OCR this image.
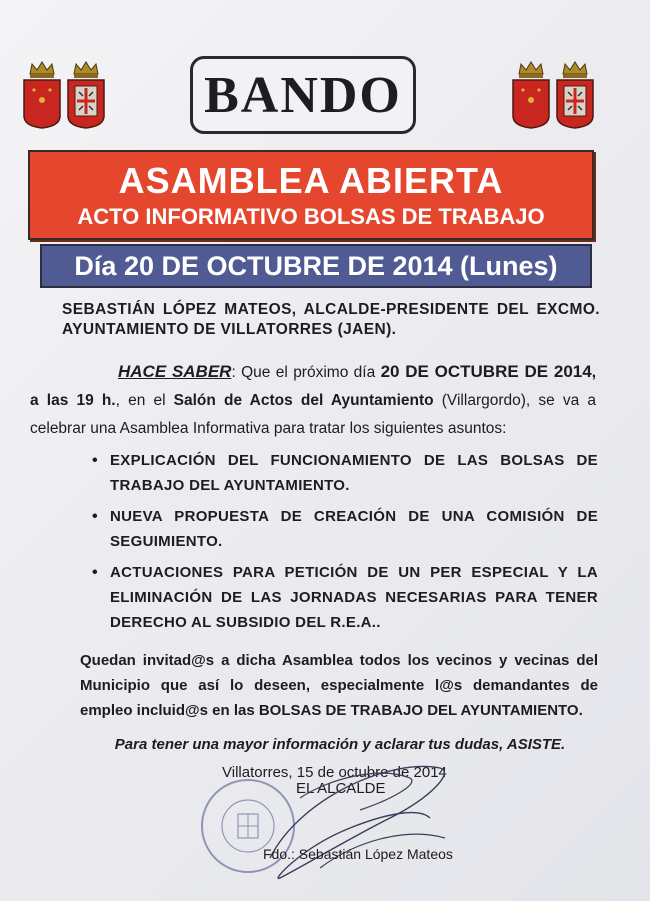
BANDO
ASAMBLEA ABIERTA
ACTO INFORMATIVO BOLSAS DE TRABAJO
Día 20 DE OCTUBRE DE 2014 (Lunes)
SEBASTIÁN LÓPEZ MATEOS, ALCALDE-PRESIDENTE DEL EXCMO. AYUNTAMIENTO DE VILLATORRES (JAEN).
HACE SABER: Que el próximo día 20 DE OCTUBRE DE 2014, a las 19 h., en el Salón de Actos del Ayuntamiento (Villargordo), se va a celebrar una Asamblea Informativa para tratar los siguientes asuntos:
• EXPLICACIÓN DEL FUNCIONAMIENTO DE LAS BOLSAS DE TRABAJO DEL AYUNTAMIENTO.
• NUEVA PROPUESTA DE CREACIÓN DE UNA COMISIÓN DE SEGUIMIENTO.
• ACTUACIONES PARA PETICIÓN DE UN PER ESPECIAL Y LA ELIMINACIÓN DE LAS JORNADAS NECESARIAS PARA TENER DERECHO AL SUBSIDIO DEL R.E.A..
Quedan invitad@s a dicha Asamblea todos los vecinos y vecinas del Municipio que así lo deseen, especialmente l@s demandantes de empleo incluid@s en las BOLSAS DE TRABAJO DEL AYUNTAMIENTO.
Para tener una mayor información y aclarar tus dudas, ASISTE.
Villatorres, 15 de octubre de 2014
EL ALCALDE
Fdo.: Sebastián López Mateos
